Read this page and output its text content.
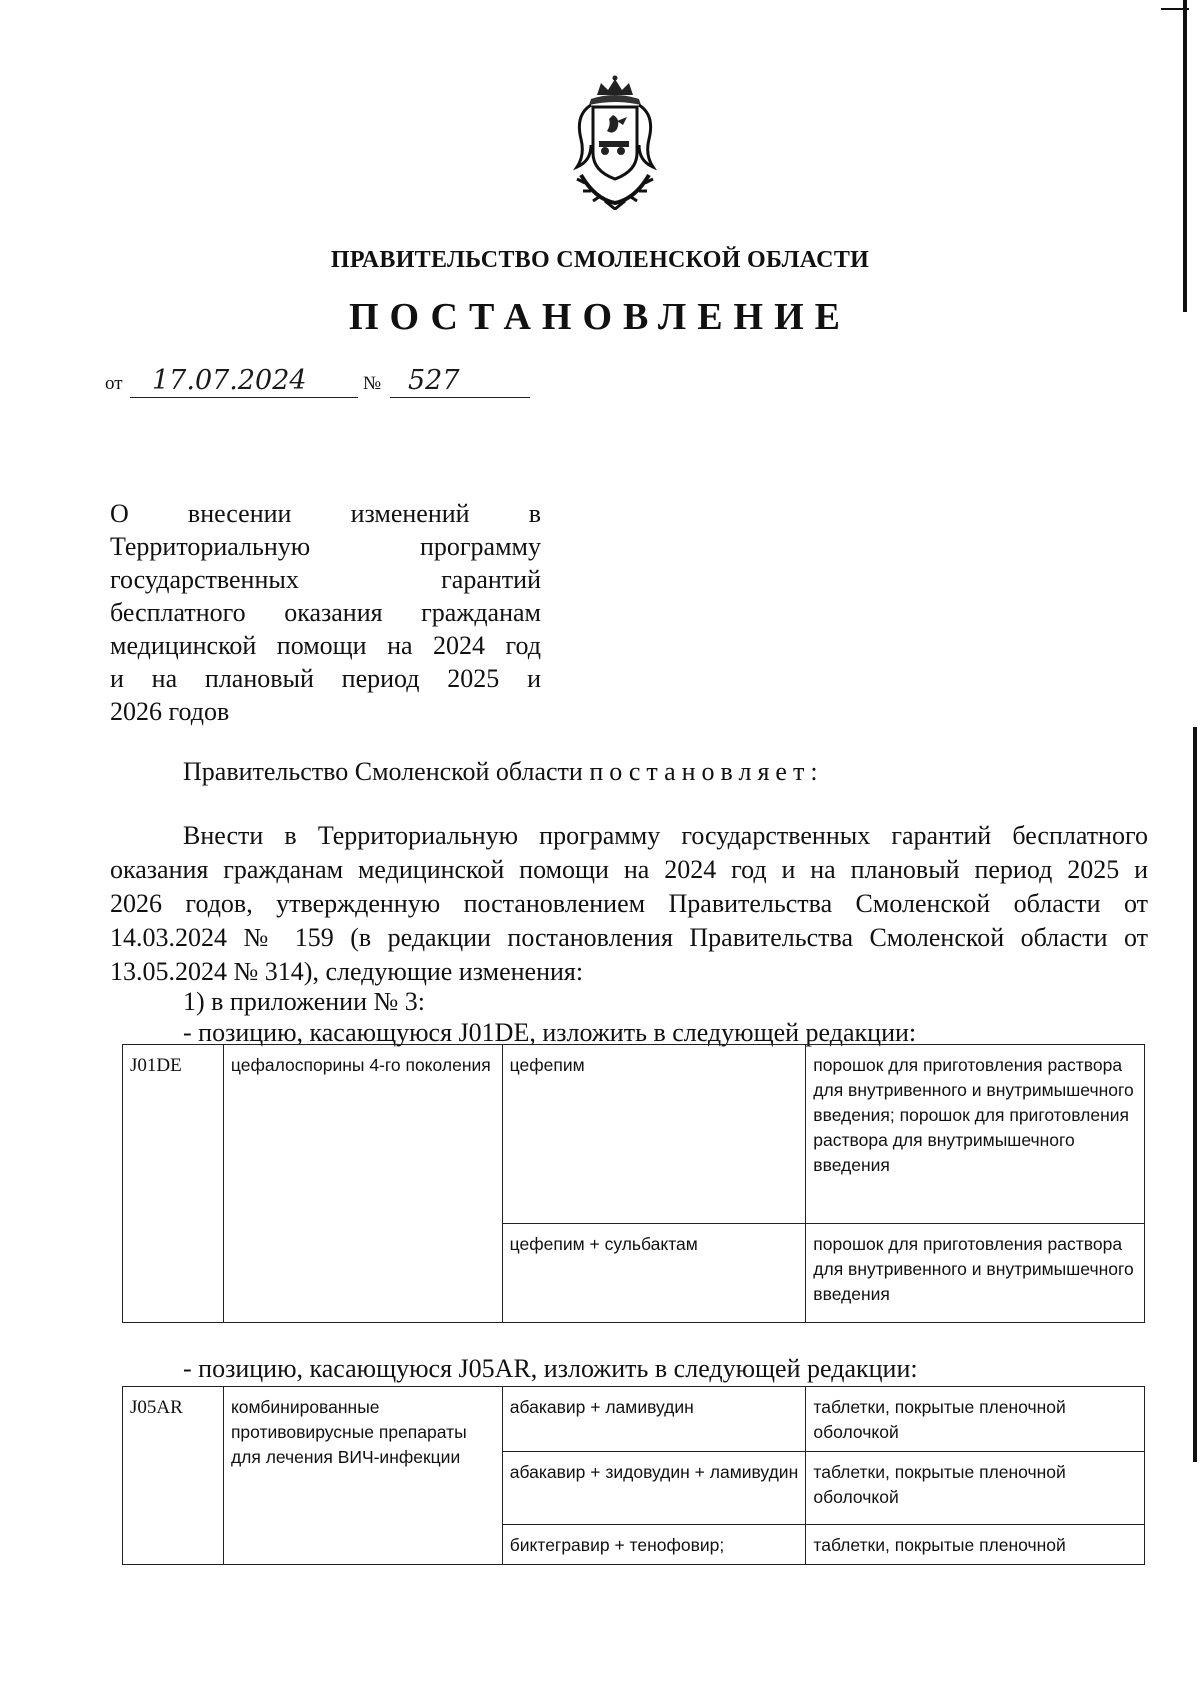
ПРАВИТЕЛЬСТВО СМОЛЕНСКОЙ ОБЛАСТИ
ПОСТАНОВЛЕНИЕ
от 17.07.2024	№ 527
О внесении изменений в
Территориальную программу
государственных гарантий
бесплатного оказания гражданам
медицинской помощи на 2024 год
и на плановый период 2025 и
2026 годов
Правительство Смоленской области постановляет:
Внести в Территориальную программу государственных гарантий бесплатного
оказания гражданам медицинской помощи на 2024 год и на плановый период 2025 и
2026 годов, утвержденную постановлением Правительства Смоленской области от
14.03.2024 № 159 (в редакции постановления Правительства Смоленской области от
13.05.2024 № 314), следующие изменения:
1) в приложении № 3:
- позицию, касающуюся J01DE, изложить в следующей редакции:
J01DE	цефалоспорины 4-го поколения	цефепим	порошок для приготовления раствора для внутривенного и внутримышечного введения; порошок для приготовления раствора для внутримышечного введения
		цефепим + сульбактам	порошок для приготовления раствора для внутривенного и внутримышечного введения
- позицию, касающуюся J05AR, изложить в следующей редакции:
J05AR	комбинированные противовирусные препараты для лечения ВИЧ-инфекции	абакавир + ламивудин	таблетки, покрытые пленочной оболочкой
		абакавир + зидовудин + ламивудин	таблетки, покрытые пленочной оболочкой
		биктегравир + тенофовир;	таблетки, покрытые пленочной
